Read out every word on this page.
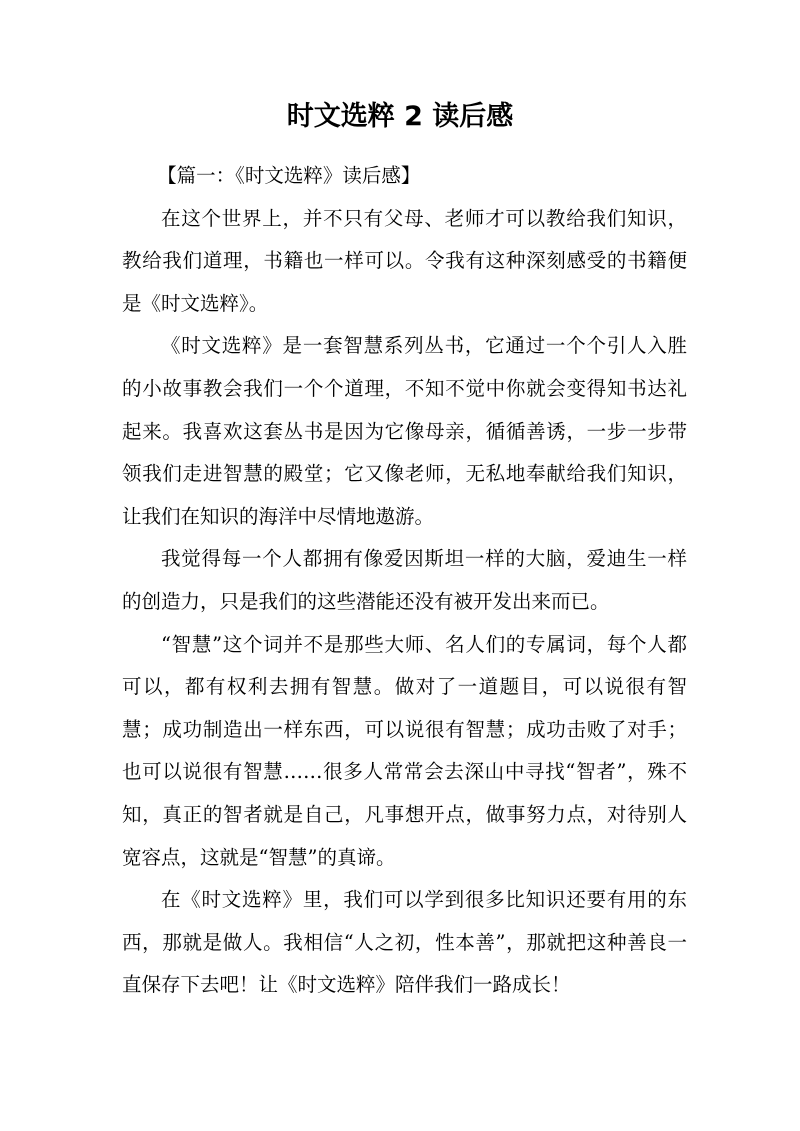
时文选粹 2 读后感

【篇一：《时文选粹》读后感】

在这个世界上，并不只有父母、老师才可以教给我们知识，教给我们道理，书籍也一样可以。令我有这种深刻感受的书籍便是《时文选粹》。

《时文选粹》是一套智慧系列丛书，它通过一个个引人入胜的小故事教会我们一个个道理，不知不觉中你就会变得知书达礼起来。我喜欢这套丛书是因为它像母亲，循循善诱，一步一步带领我们走进智慧的殿堂；它又像老师，无私地奉献给我们知识，让我们在知识的海洋中尽情地遨游。

我觉得每一个人都拥有像爱因斯坦一样的大脑，爱迪生一样的创造力，只是我们的这些潜能还没有被开发出来而已。

“智慧”这个词并不是那些大师、名人们的专属词，每个人都可以，都有权利去拥有智慧。做对了一道题目，可以说很有智慧；成功制造出一样东西，可以说很有智慧；成功击败了对手；也可以说很有智慧……很多人常常会去深山中寻找“智者”，殊不知，真正的智者就是自己，凡事想开点，做事努力点，对待别人宽容点，这就是“智慧”的真谛。

在《时文选粹》里，我们可以学到很多比知识还要有用的东西，那就是做人。我相信“人之初，性本善”，那就把这种善良一直保存下去吧！让《时文选粹》陪伴我们一路成长！
